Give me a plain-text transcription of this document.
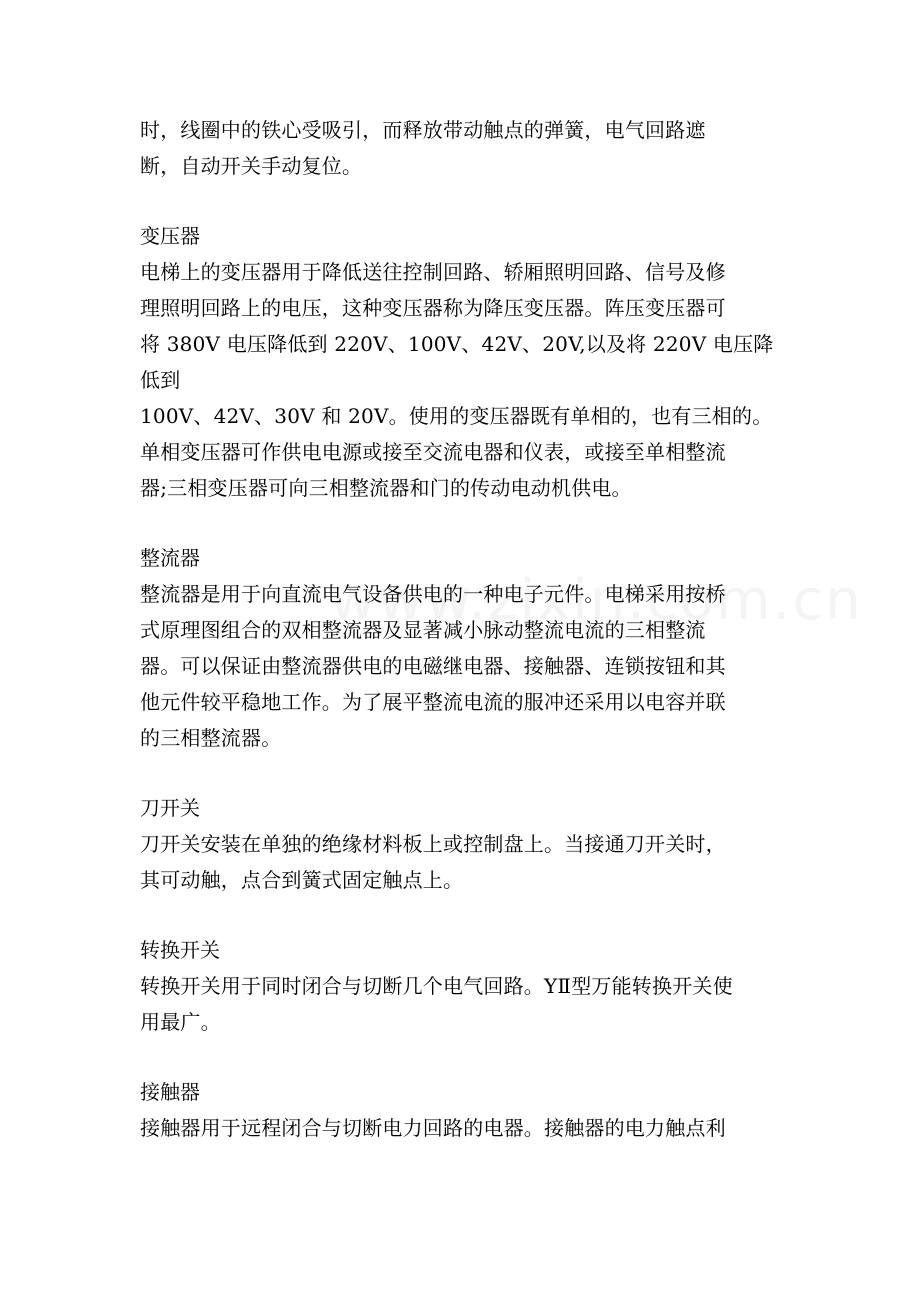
时，线圈中的铁心受吸引，而释放带动触点的弹簧，电气回路遮

断，自动开关手动复位。

变压器

电梯上的变压器用于降低送往控制回路、轿厢照明回路、信号及修

理照明回路上的电压，这种变压器称为降压变压器。阵压变压器可

将 380V 电压降低到 220V、100V、42V、20V,以及将 220V 电压降低到

100V、42V、30V 和 20V。使用的变压器既有单相的，也有三相的。

单相变压器可作供电电源或接至交流电器和仪表，或接至单相整流

器;三相变压器可向三相整流器和门的传动电动机供电。

整流器

整流器是用于向直流电气设备供电的一种电子元件。电梯采用按桥

式原理图组合的双相整流器及显著减小脉动整流电流的三相整流

器。可以保证由整流器供电的电磁继电器、接触器、连锁按钮和其

他元件较平稳地工作。为了展平整流电流的服冲还采用以电容并联

的三相整流器。

刀开关

刀开关安装在单独的绝缘材料板上或控制盘上。当接通刀开关时，

其可动触，点合到簧式固定触点上。

转换开关

转换开关用于同时闭合与切断几个电气回路。YⅡ型万能转换开关使

用最广。

接触器

接触器用于远程闭合与切断电力回路的电器。接触器的电力触点利
